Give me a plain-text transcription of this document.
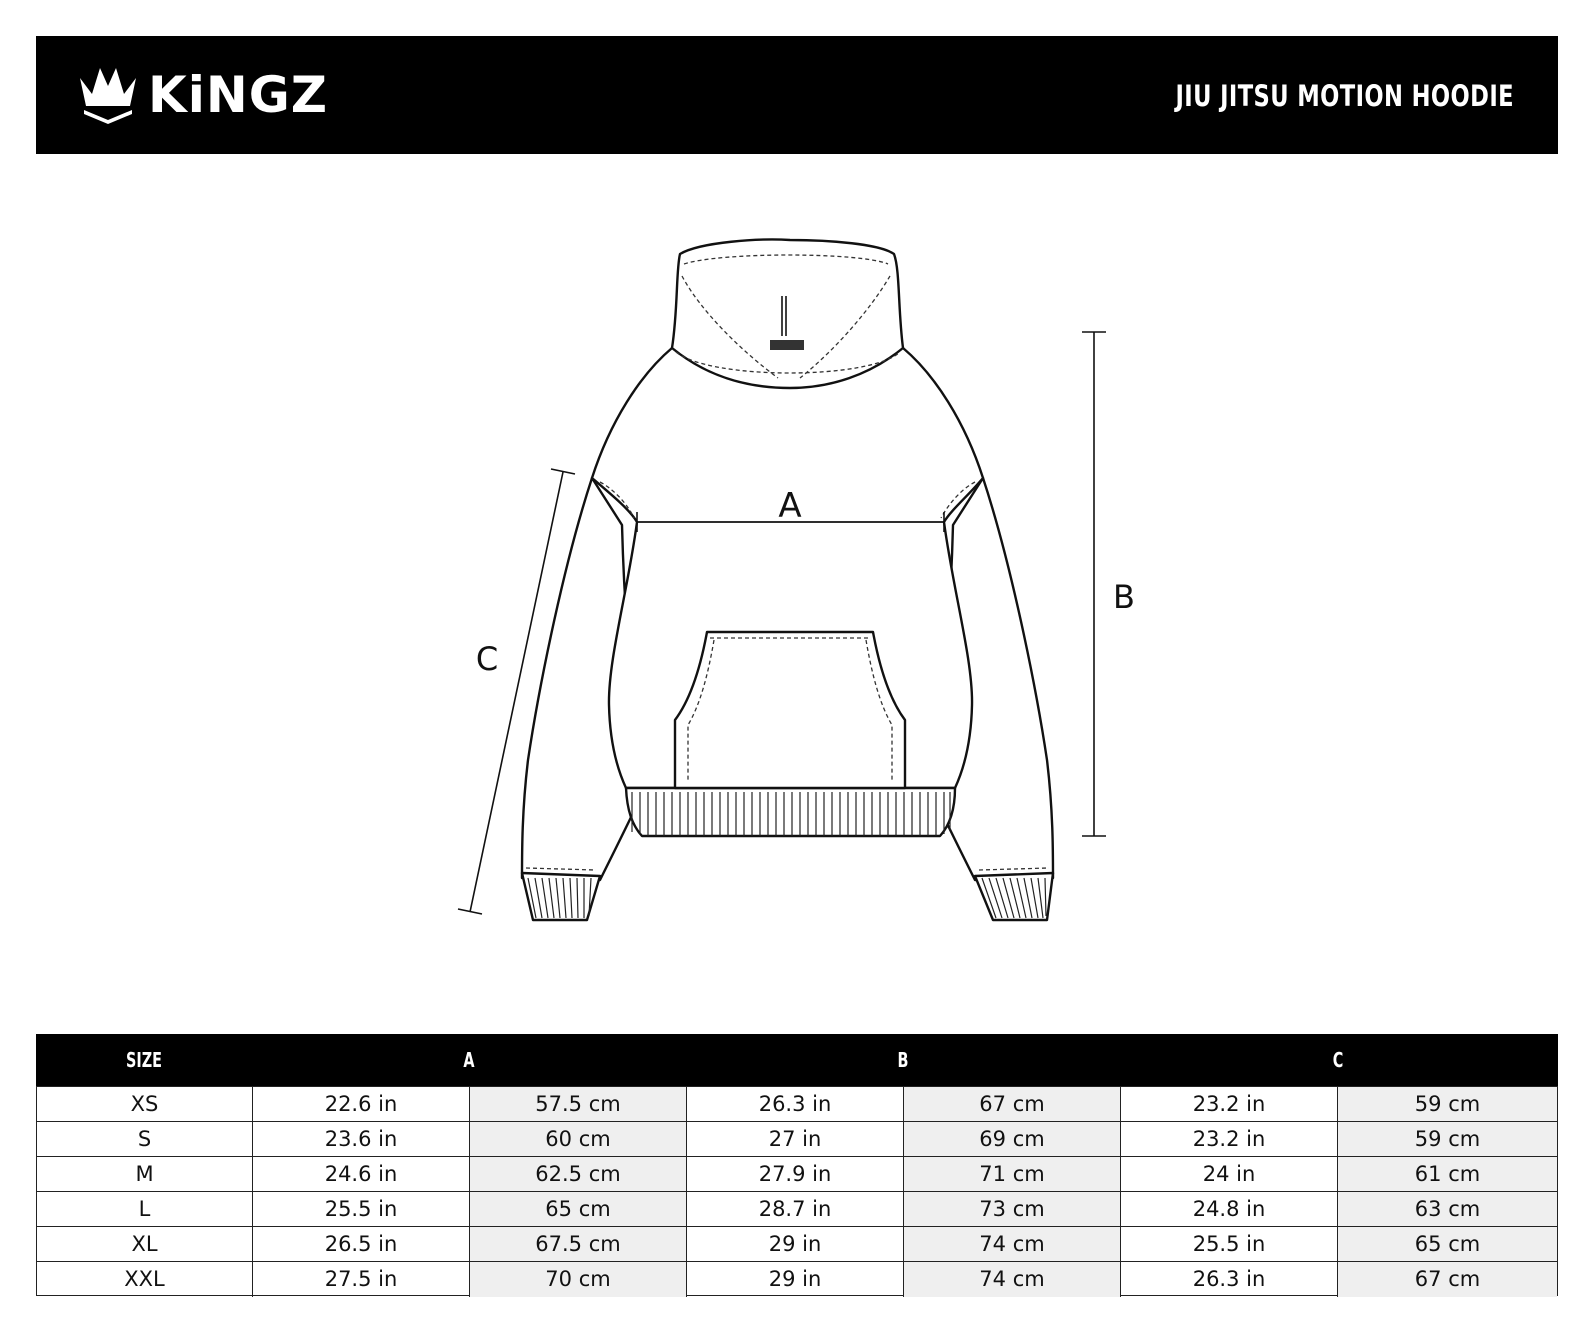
KiNGZ	JIU JITSU MOTION HOODIE
A
B
C
SIZE	A	B	C
XS	22.6 in	57.5 cm	26.3 in	67 cm	23.2 in	59 cm
S	23.6 in	60 cm	27 in	69 cm	23.2 in	59 cm
M	24.6 in	62.5 cm	27.9 in	71 cm	24 in	61 cm
L	25.5 in	65 cm	28.7 in	73 cm	24.8 in	63 cm
XL	26.5 in	67.5 cm	29 in	74 cm	25.5 in	65 cm
XXL	27.5 in	70 cm	29 in	74 cm	26.3 in	67 cm
